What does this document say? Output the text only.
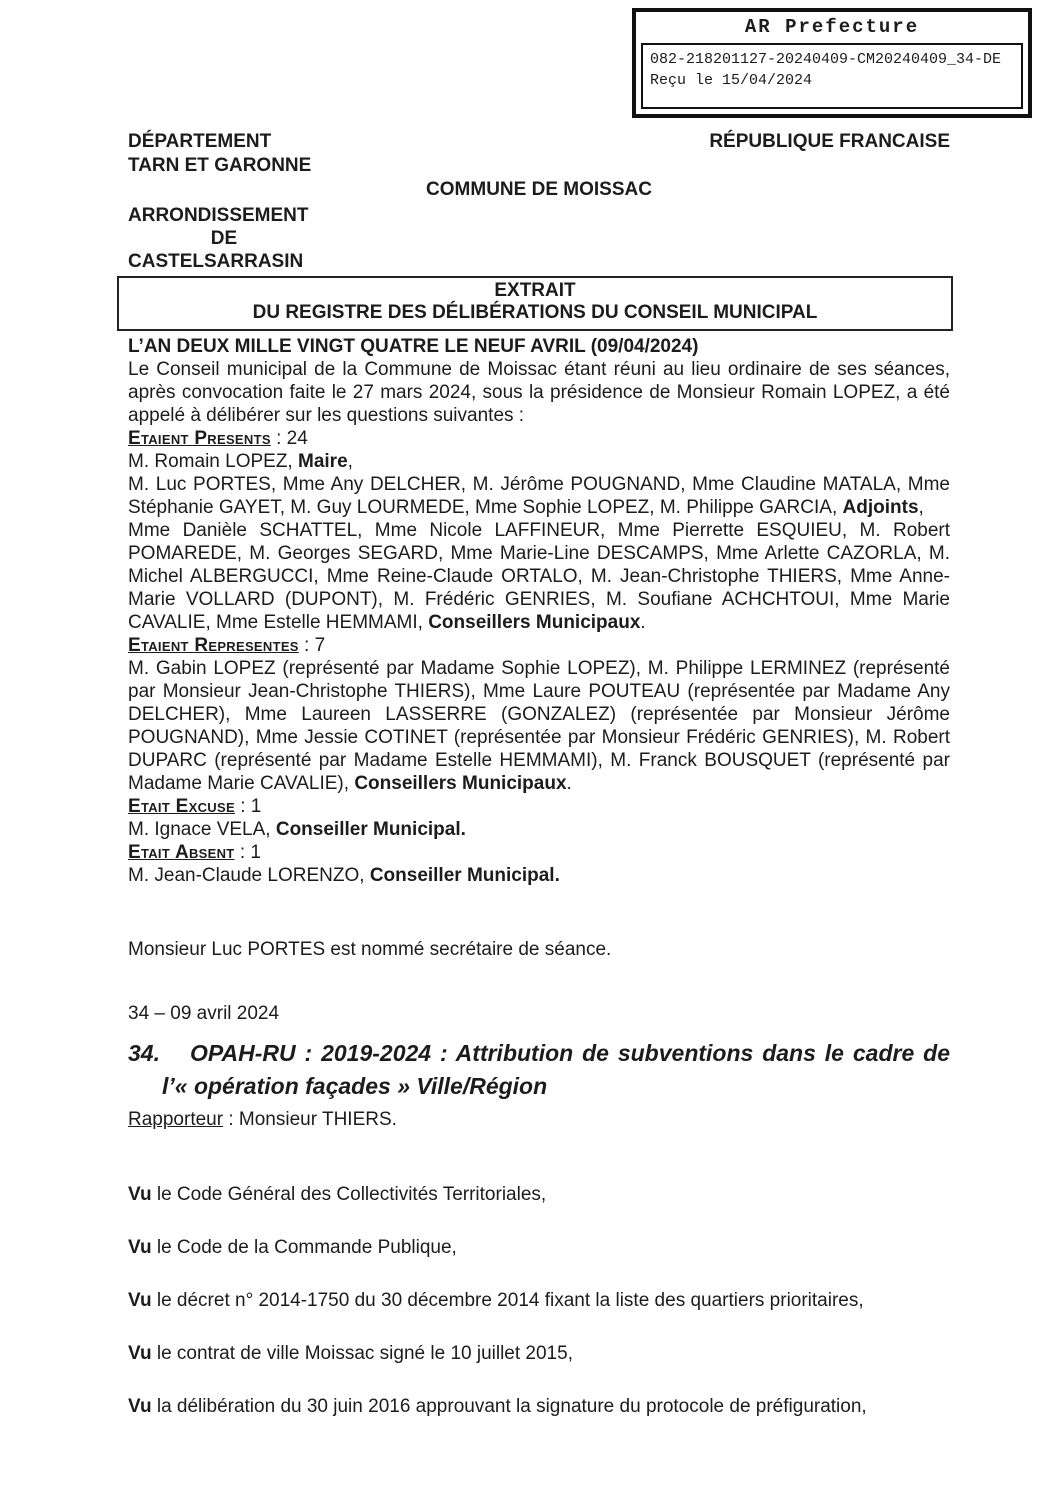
AR Prefecture
082-218201127-20240409-CM20240409_34-DE
Reçu le 15/04/2024
DÉPARTEMENT
TARN ET GARONNE
RÉPUBLIQUE FRANCAISE
COMMUNE DE MOISSAC
ARRONDISSEMENT
DE
CASTELSARRASIN
EXTRAIT
DU REGISTRE DES DÉLIBÉRATIONS DU CONSEIL MUNICIPAL
L’AN DEUX MILLE VINGT QUATRE LE NEUF AVRIL (09/04/2024)
Le Conseil municipal de la Commune de Moissac étant réuni au lieu ordinaire de ses séances, après convocation faite le 27 mars 2024, sous la présidence de Monsieur Romain LOPEZ, a été appelé à délibérer sur les questions suivantes :
Etaient Presents : 24
M. Romain LOPEZ, Maire,
M. Luc PORTES, Mme Any DELCHER, M. Jérôme POUGNAND, Mme Claudine MATALA, Mme Stéphanie GAYET, M. Guy LOURMEDE, Mme Sophie LOPEZ, M. Philippe GARCIA, Adjoints,
Mme Danièle SCHATTEL, Mme Nicole LAFFINEUR, Mme Pierrette ESQUIEU, M. Robert POMAREDE, M. Georges SEGARD, Mme Marie-Line DESCAMPS, Mme Arlette CAZORLA, M. Michel ALBERGUCCI, Mme Reine-Claude ORTALO, M. Jean-Christophe THIERS, Mme Anne-Marie VOLLARD (DUPONT), M. Frédéric GENRIES, M. Soufiane ACHCHTOUI, Mme Marie CAVALIE, Mme Estelle HEMMAMI, Conseillers Municipaux.
Etaient Representes : 7
M. Gabin LOPEZ (représenté par Madame Sophie LOPEZ), M. Philippe LERMINEZ (représenté par Monsieur Jean-Christophe THIERS), Mme Laure POUTEAU (représentée par Madame Any DELCHER), Mme Laureen LASSERRE (GONZALEZ) (représentée par Monsieur Jérôme POUGNAND), Mme Jessie COTINET (représentée par Monsieur Frédéric GENRIES), M. Robert DUPARC (représenté par Madame Estelle HEMMAMI), M. Franck BOUSQUET (représenté par Madame Marie CAVALIE), Conseillers Municipaux.
Etait Excuse : 1
M. Ignace VELA, Conseiller Municipal.
Etait Absent : 1
M. Jean-Claude LORENZO, Conseiller Municipal.
Monsieur Luc PORTES est nommé secrétaire de séance.
34 – 09 avril 2024
34. OPAH-RU : 2019-2024 : Attribution de subventions dans le cadre de l’« opération façades » Ville/Région
Rapporteur : Monsieur THIERS.
Vu le Code Général des Collectivités Territoriales,
Vu le Code de la Commande Publique,
Vu le décret n° 2014-1750 du 30 décembre 2014 fixant la liste des quartiers prioritaires,
Vu le contrat de ville Moissac signé le 10 juillet 2015,
Vu la délibération du 30 juin 2016 approuvant la signature du protocole de préfiguration,
